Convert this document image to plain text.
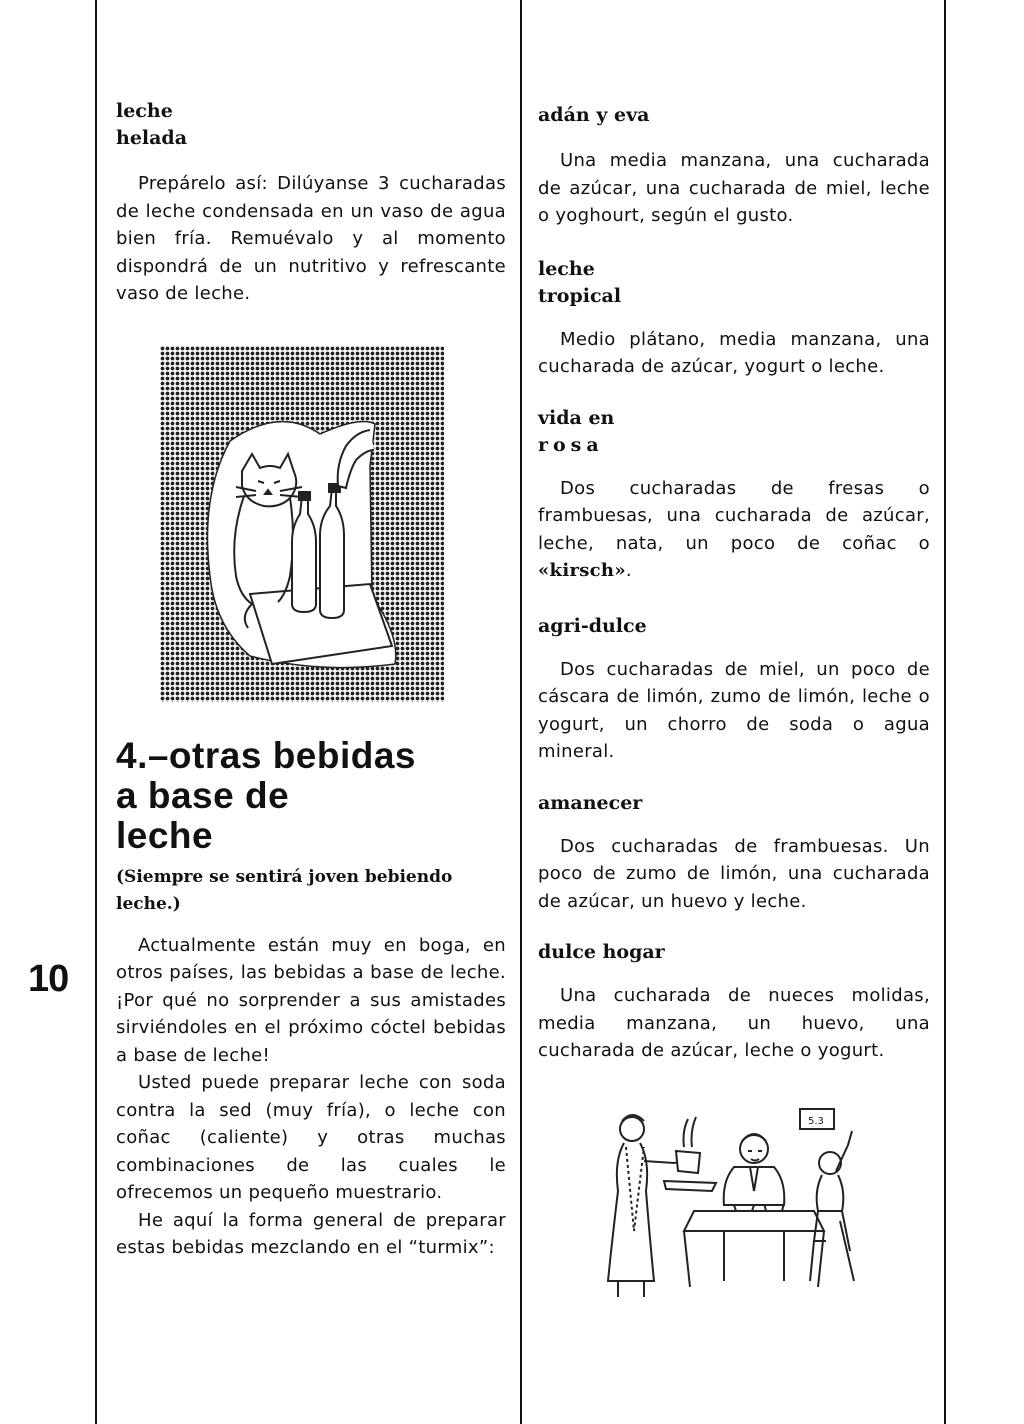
10

leche
helada

Prepárelo así: Dilúyanse 3 cucharadas de leche condensada en un vaso de agua bien fría. Remuévalo y al momento dispondrá de un nutritivo y refrescante vaso de leche.

4.–otras bebidas
a base de
leche

(Siempre se sentirá joven bebiendo leche.)

Actualmente están muy en boga, en otros países, las bebidas a base de leche. ¡Por qué no sorprender a sus amistades sirviéndoles en el próximo cóctel bebidas a base de leche!

Usted puede preparar leche con soda contra la sed (muy fría), o leche con coñac (caliente) y otras muchas combinaciones de las cuales le ofrecemos un pequeño muestrario.

He aquí la forma general de preparar estas bebidas mezclando en el “turmix”:

adán y eva

Una media manzana, una cucharada de azúcar, una cucharada de miel, leche o yoghourt, según el gusto.

leche
tropical

Medio plátano, media manzana, una cucharada de azúcar, yogurt o leche.

vida en
rosa

Dos cucharadas de fresas o frambuesas, una cucharada de azúcar, leche, nata, un poco de coñac o «kirsch».

agri-dulce

Dos cucharadas de miel, un poco de cáscara de limón, zumo de limón, leche o yogurt, un chorro de soda o agua mineral.

amanecer

Dos cucharadas de frambuesas. Un poco de zumo de limón, una cucharada de azúcar, un huevo y leche.

dulce hogar

Una cucharada de nueces molidas, media manzana, un huevo, una cucharada de azúcar, leche o yogurt.

5.3
